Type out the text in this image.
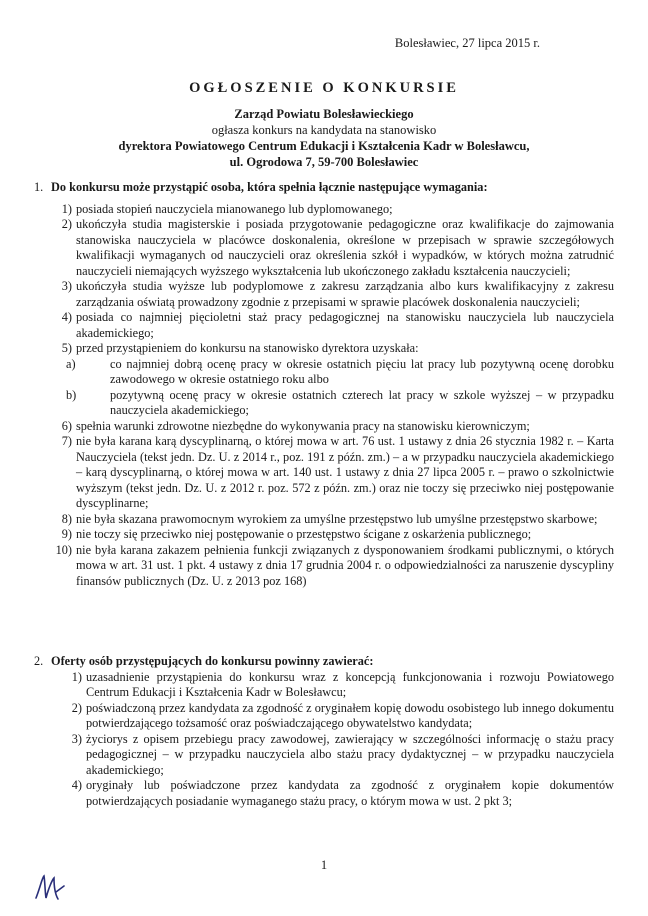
Bolesławiec, 27 lipca 2015 r.
OGŁOSZENIE O KONKURSIE
Zarząd Powiatu Bolesławieckiego
ogłasza konkurs na kandydata na stanowisko
dyrektora Powiatowego Centrum Edukacji i Kształcenia Kadr w Bolesławcu,
ul. Ogrodowa 7, 59-700 Bolesławiec
1. Do konkursu może przystąpić osoba, która spełnia łącznie następujące wymagania:
1) posiada stopień nauczyciela mianowanego lub dyplomowanego;
2) ukończyła studia magisterskie i posiada przygotowanie pedagogiczne oraz kwalifikacje do zajmowania stanowiska nauczyciela w placówce doskonalenia, określone w przepisach w sprawie szczegółowych kwalifikacji wymaganych od nauczycieli oraz określenia szkół i wypadków, w których można zatrudnić nauczycieli niemających wyższego wykształcenia lub ukończonego zakładu kształcenia nauczycieli;
3) ukończyła studia wyższe lub podyplomowe z zakresu zarządzania albo kurs kwalifikacyjny z zakresu zarządzania oświatą prowadzony zgodnie z przepisami w sprawie placówek doskonalenia nauczycieli;
4) posiada co najmniej pięcioletni staż pracy pedagogicznej na stanowisku nauczyciela lub nauczyciela akademickiego;
5) przed przystąpieniem do konkursu na stanowisko dyrektora uzyskała:
a)	co najmniej dobrą ocenę pracy w okresie ostatnich pięciu lat pracy lub pozytywną ocenę dorobku zawodowego w okresie ostatniego roku albo
b)	pozytywną ocenę pracy w okresie ostatnich czterech lat pracy w szkole wyższej – w przypadku nauczyciela akademickiego;
6) spełnia warunki zdrowotne niezbędne do wykonywania pracy na stanowisku kierowniczym;
7) nie była karana karą dyscyplinarną, o której mowa w art. 76 ust. 1 ustawy z dnia 26 stycznia 1982 r. – Karta Nauczyciela (tekst jedn. Dz. U. z 2014 r., poz. 191 z późn. zm.) – a w przypadku nauczyciela akademickiego – karą dyscyplinarną, o której mowa w art. 140 ust. 1 ustawy z dnia 27 lipca 2005 r. – prawo o szkolnictwie wyższym (tekst jedn. Dz. U. z 2012 r. poz. 572 z późn. zm.) oraz nie toczy się przeciwko niej postępowanie dyscyplinarne;
8) nie była skazana prawomocnym wyrokiem za umyślne przestępstwo lub umyślne przestępstwo skarbowe;
9) nie toczy się przeciwko niej postępowanie o przestępstwo ścigane z oskarżenia publicznego;
10) nie była karana zakazem pełnienia funkcji związanych z dysponowaniem środkami publicznymi, o których mowa w art. 31 ust. 1 pkt. 4 ustawy z dnia 17 grudnia 2004 r. o odpowiedzialności za naruszenie dyscypliny finansów publicznych (Dz. U. z 2013 poz 168)
2. Oferty osób przystępujących do konkursu powinny zawierać:
1) uzasadnienie przystąpienia do konkursu wraz z koncepcją funkcjonowania i rozwoju Powiatowego Centrum Edukacji i Kształcenia Kadr w Bolesławcu;
2) poświadczoną przez kandydata za zgodność z oryginałem kopię dowodu osobistego lub innego dokumentu potwierdzającego tożsamość oraz poświadczającego obywatelstwo kandydata;
3) życiorys z opisem przebiegu pracy zawodowej, zawierający w szczególności informację o stażu pracy pedagogicznej – w przypadku nauczyciela albo stażu pracy dydaktycznej – w przypadku nauczyciela akademickiego;
4) oryginały lub poświadczone przez kandydata za zgodność z oryginałem kopie dokumentów potwierdzających posiadanie wymaganego stażu pracy, o którym mowa w ust. 2 pkt 3;
1
